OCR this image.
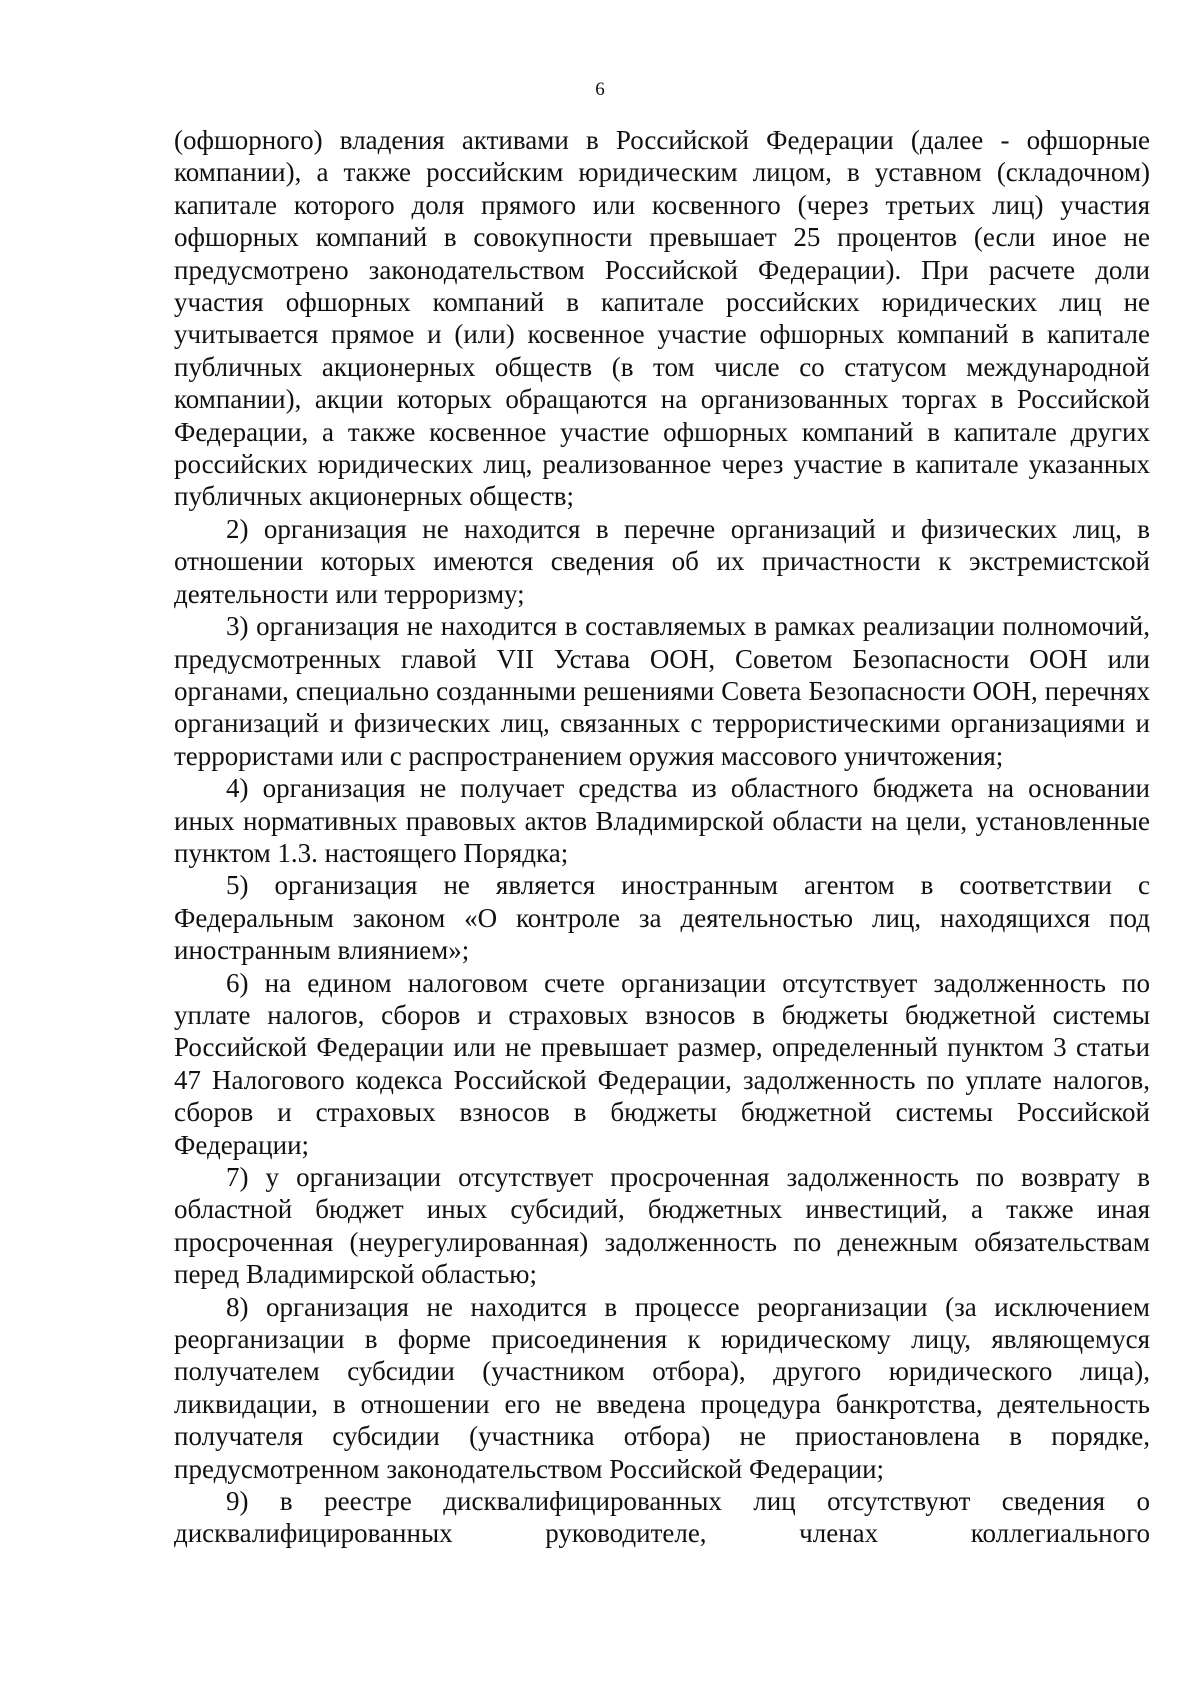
6

(офшорного) владения активами в Российской Федерации (далее - офшорные компании), а также российским юридическим лицом, в уставном (складочном) капитале которого доля прямого или косвенного (через третьих лиц) участия офшорных компаний в совокупности превышает 25 процентов (если иное не предусмотрено законодательством Российской Федерации). При расчете доли участия офшорных компаний в капитале российских юридических лиц не учитывается прямое и (или) косвенное участие офшорных компаний в капитале публичных акционерных обществ (в том числе со статусом международной компании), акции которых обращаются на организованных торгах в Российской Федерации, а также косвенное участие офшорных компаний в капитале других российских юридических лиц, реализованное через участие в капитале указанных публичных акционерных обществ;

2) организация не находится в перечне организаций и физических лиц, в отношении которых имеются сведения об их причастности к экстремистской деятельности или терроризму;

3) организация не находится в составляемых в рамках реализации полномочий, предусмотренных главой VII Устава ООН, Советом Безопасности ООН или органами, специально созданными решениями Совета Безопасности ООН, перечнях организаций и физических лиц, связанных с террористическими организациями и террористами или с распространением оружия массового уничтожения;

4) организация не получает средства из областного бюджета на основании иных нормативных правовых актов Владимирской области на цели, установленные пунктом 1.3. настоящего Порядка;

5) организация не является иностранным агентом в соответствии с Федеральным законом «О контроле за деятельностью лиц, находящихся под иностранным влиянием»;

6) на едином налоговом счете организации отсутствует задолженность по уплате налогов, сборов и страховых взносов в бюджеты бюджетной системы Российской Федерации или не превышает размер, определенный пунктом 3 статьи 47 Налогового кодекса Российской Федерации, задолженность по уплате налогов, сборов и страховых взносов в бюджеты бюджетной системы Российской Федерации;

7) у организации отсутствует просроченная задолженность по возврату в областной бюджет иных субсидий, бюджетных инвестиций, а также иная просроченная (неурегулированная) задолженность по денежным обязательствам перед Владимирской областью;

8) организация не находится в процессе реорганизации (за исключением реорганизации в форме присоединения к юридическому лицу, являющемуся получателем субсидии (участником отбора), другого юридического лица), ликвидации, в отношении его не введена процедура банкротства, деятельность получателя субсидии (участника отбора) не приостановлена в порядке, предусмотренном законодательством Российской Федерации;

9) в реестре дисквалифицированных лиц отсутствуют сведения о дисквалифицированных руководителе, членах коллегиального
